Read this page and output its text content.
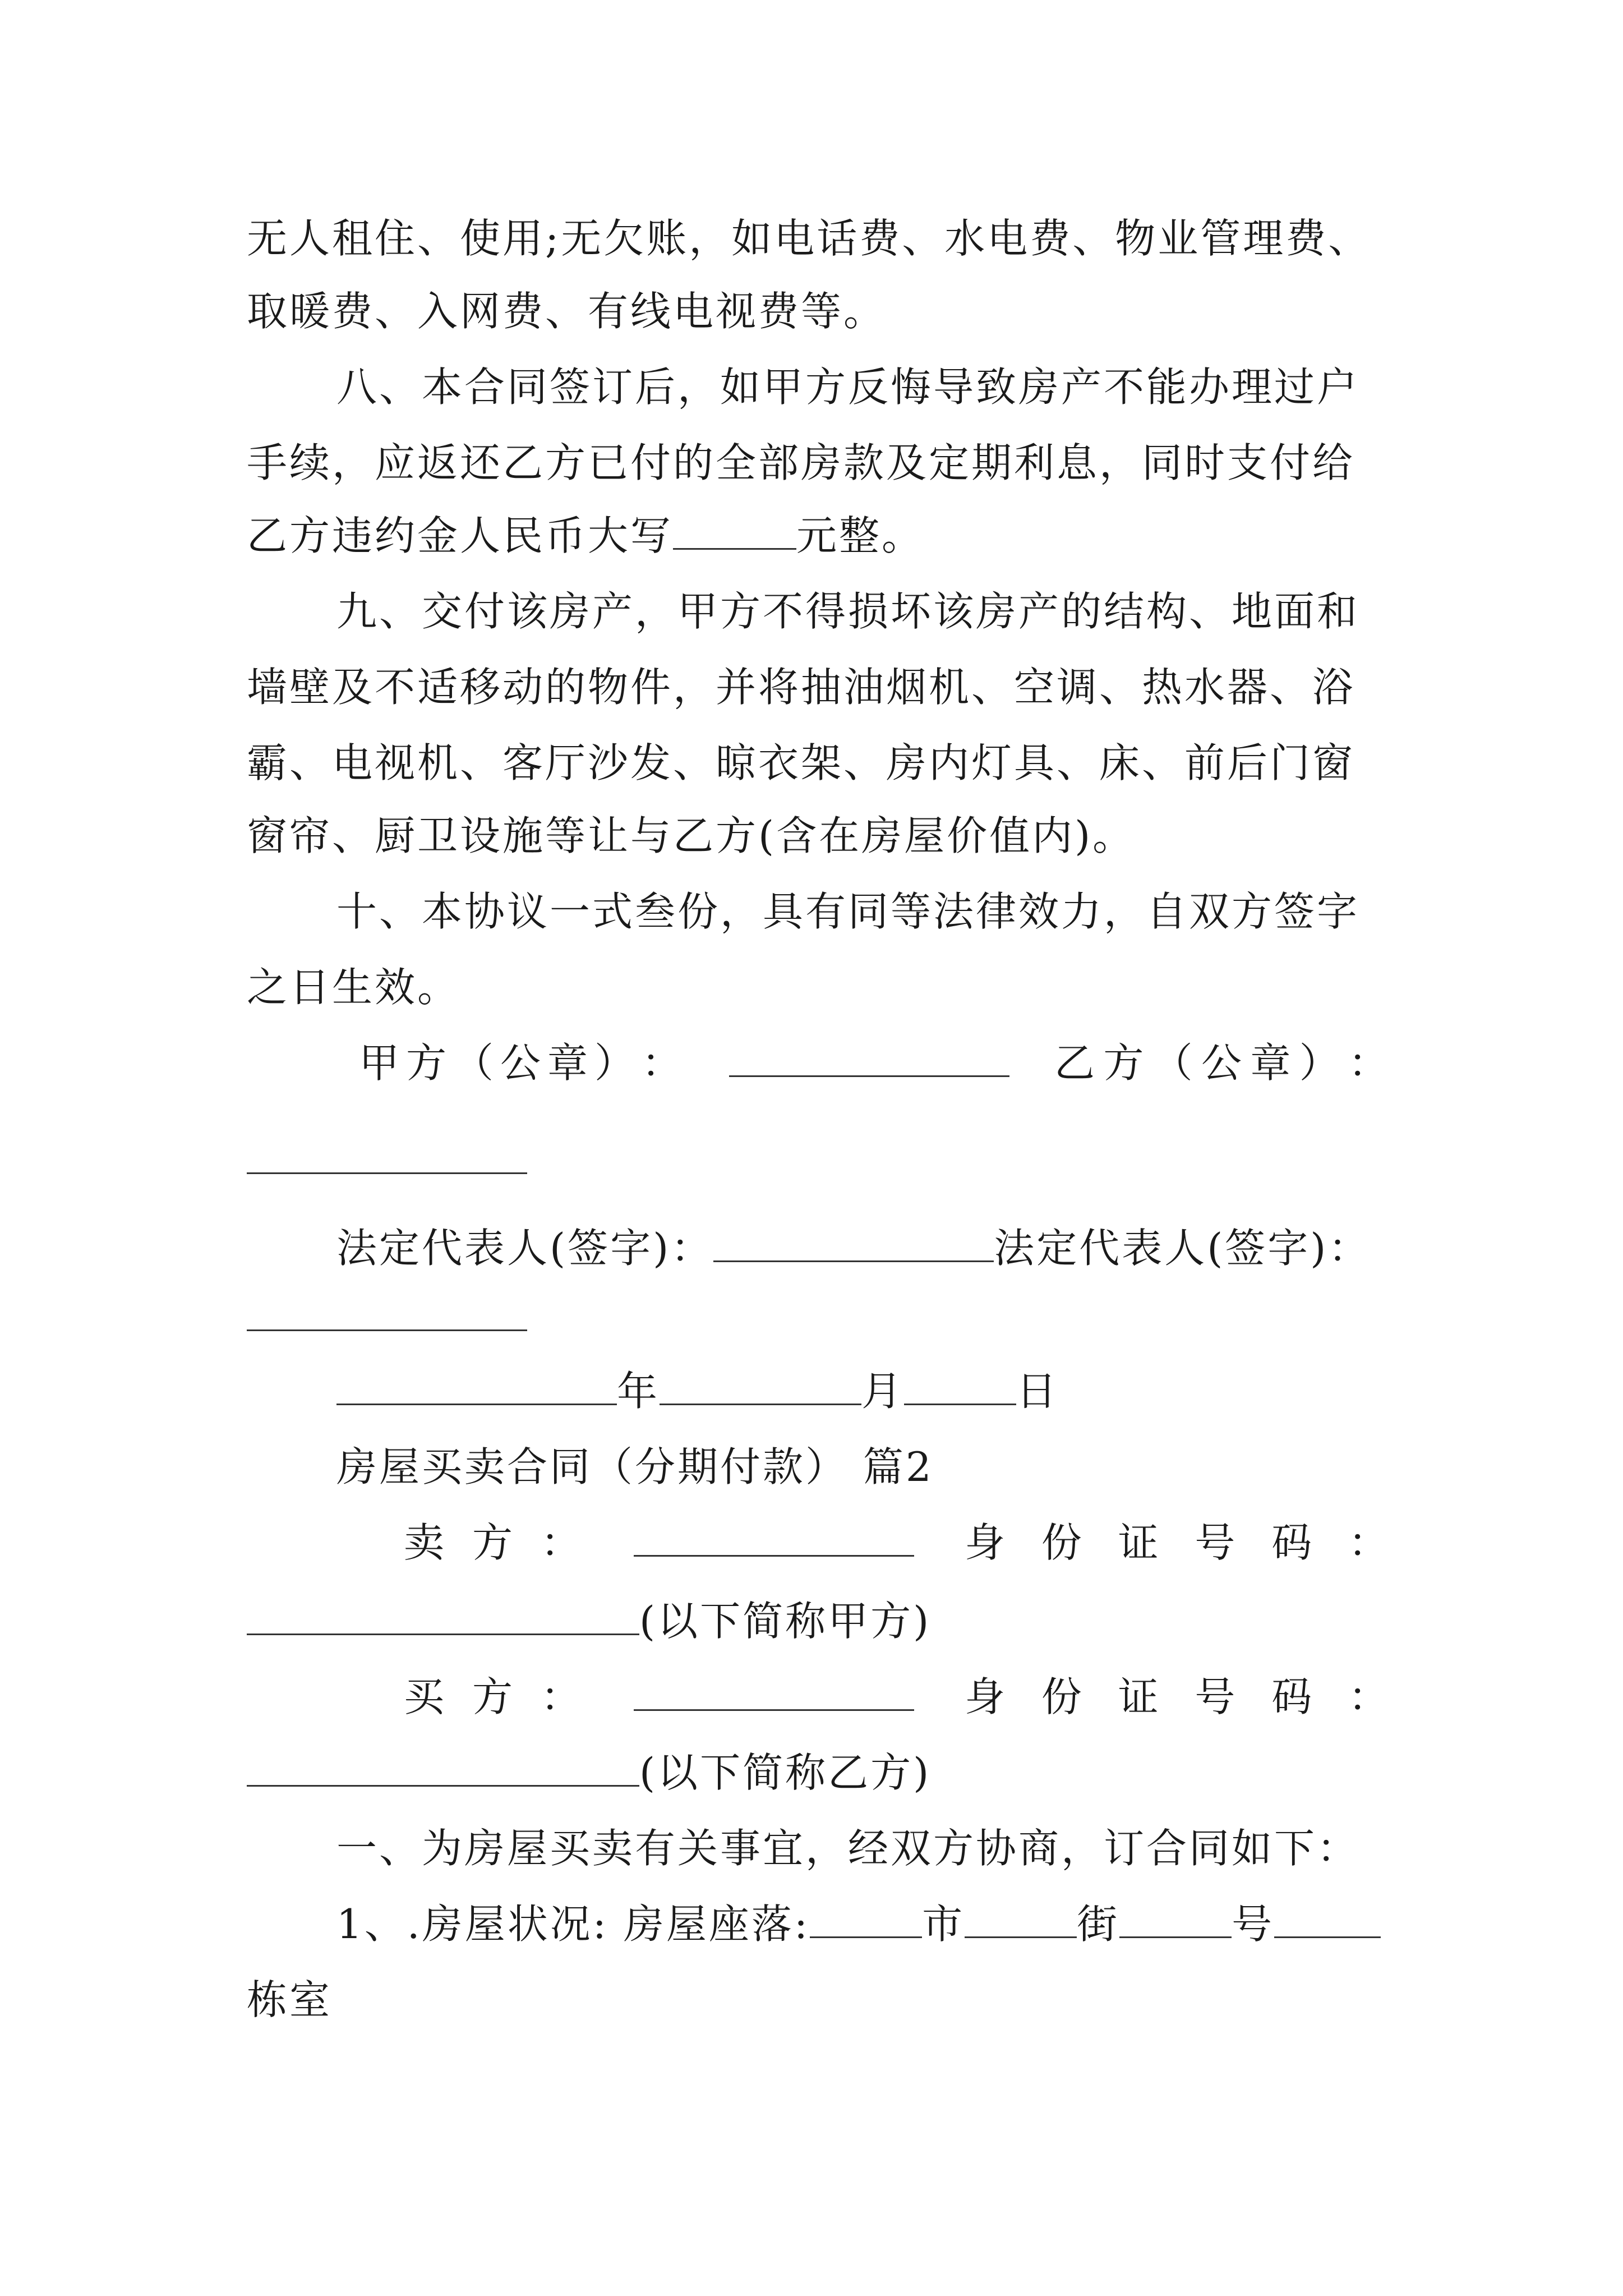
无人租住、使用;无欠账，如电话费、水电费、物业管理费、
取暖费、入网费、有线电视费等。
八、本合同签订后，如甲方反悔导致房产不能办理过户
手续，应返还乙方已付的全部房款及定期利息，同时支付给
乙方违约金人民币大写	元整。
九、交付该房产，甲方不得损坏该房产的结构、地面和
墙壁及不适移动的物件，并将抽油烟机、空调、热水器、浴
霸、电视机、客厅沙发、晾衣架、房内灯具、床、前后门窗
窗帘、厨卫设施等让与乙方(含在房屋价值内)。
十、本协议一式叁份，具有同等法律效力，自双方签字
之日生效。
甲 方 （ 公 章 ） ：	乙 方 （ 公 章 ） ：
法定代表人(签字)：	法定代表人(签字)：
年	月	日
房屋买卖合同（分期付款） 篇2
卖 方 ：	身 份 证 号 码 ：
(以下简称甲方)
买 方 ：	身 份 证 号 码 ：
(以下简称乙方)
一、为房屋买卖有关事宜，经双方协商，订合同如下：
1、.房屋状况: 房屋座落:	市	街	号
栋室
